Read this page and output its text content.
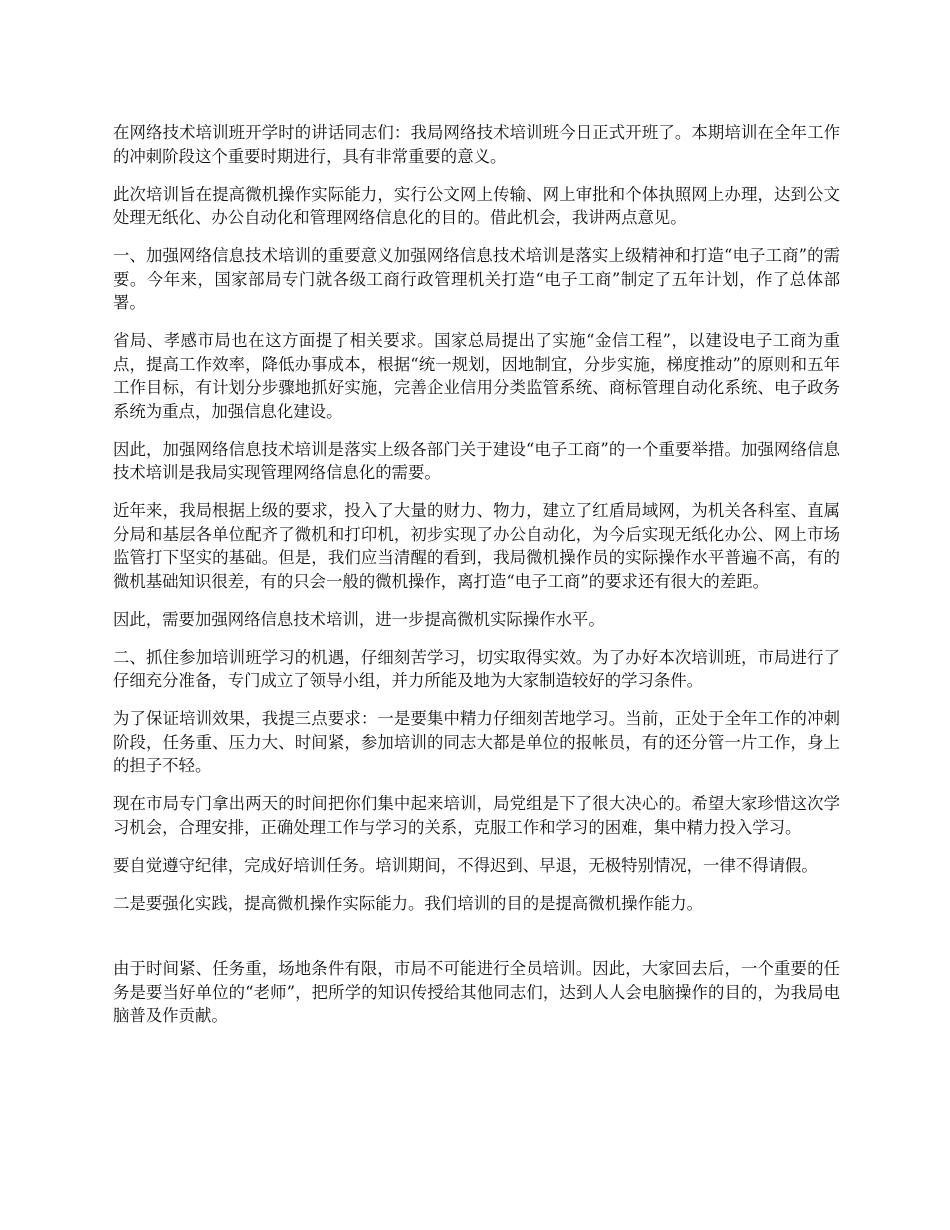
在网络技术培训班开学时的讲话同志们：我局网络技术培训班今日正式开班了。本期培训在全年工作的冲刺阶段这个重要时期进行，具有非常重要的意义。

此次培训旨在提高微机操作实际能力，实行公文网上传输、网上审批和个体执照网上办理，达到公文处理无纸化、办公自动化和管理网络信息化的目的。借此机会，我讲两点意见。

一、加强网络信息技术培训的重要意义加强网络信息技术培训是落实上级精神和打造“电子工商”的需要。今年来，国家部局专门就各级工商行政管理机关打造“电子工商”制定了五年计划，作了总体部署。

省局、孝感市局也在这方面提了相关要求。国家总局提出了实施“金信工程”，以建设电子工商为重点，提高工作效率，降低办事成本，根据“统一规划，因地制宜，分步实施，梯度推动”的原则和五年工作目标，有计划分步骤地抓好实施，完善企业信用分类监管系统、商标管理自动化系统、电子政务系统为重点，加强信息化建设。

因此，加强网络信息技术培训是落实上级各部门关于建设“电子工商”的一个重要举措。加强网络信息技术培训是我局实现管理网络信息化的需要。

近年来，我局根据上级的要求，投入了大量的财力、物力，建立了红盾局域网，为机关各科室、直属分局和基层各单位配齐了微机和打印机，初步实现了办公自动化，为今后实现无纸化办公、网上市场监管打下坚实的基础。但是，我们应当清醒的看到，我局微机操作员的实际操作水平普遍不高，有的微机基础知识很差，有的只会一般的微机操作，离打造“电子工商”的要求还有很大的差距。

因此，需要加强网络信息技术培训，进一步提高微机实际操作水平。

二、抓住参加培训班学习的机遇，仔细刻苦学习，切实取得实效。为了办好本次培训班，市局进行了仔细充分准备，专门成立了领导小组，并力所能及地为大家制造较好的学习条件。

为了保证培训效果，我提三点要求：一是要集中精力仔细刻苦地学习。当前，正处于全年工作的冲刺阶段，任务重、压力大、时间紧，参加培训的同志大都是单位的报帐员，有的还分管一片工作，身上的担子不轻。

现在市局专门拿出两天的时间把你们集中起来培训，局党组是下了很大决心的。希望大家珍惜这次学习机会，合理安排，正确处理工作与学习的关系，克服工作和学习的困难，集中精力投入学习。

要自觉遵守纪律，完成好培训任务。培训期间，不得迟到、早退，无极特别情况，一律不得请假。

二是要强化实践，提高微机操作实际能力。我们培训的目的是提高微机操作能力。

由于时间紧、任务重，场地条件有限，市局不可能进行全员培训。因此，大家回去后，一个重要的任务是要当好单位的“老师”，把所学的知识传授给其他同志们，达到人人会电脑操作的目的，为我局电脑普及作贡献。
